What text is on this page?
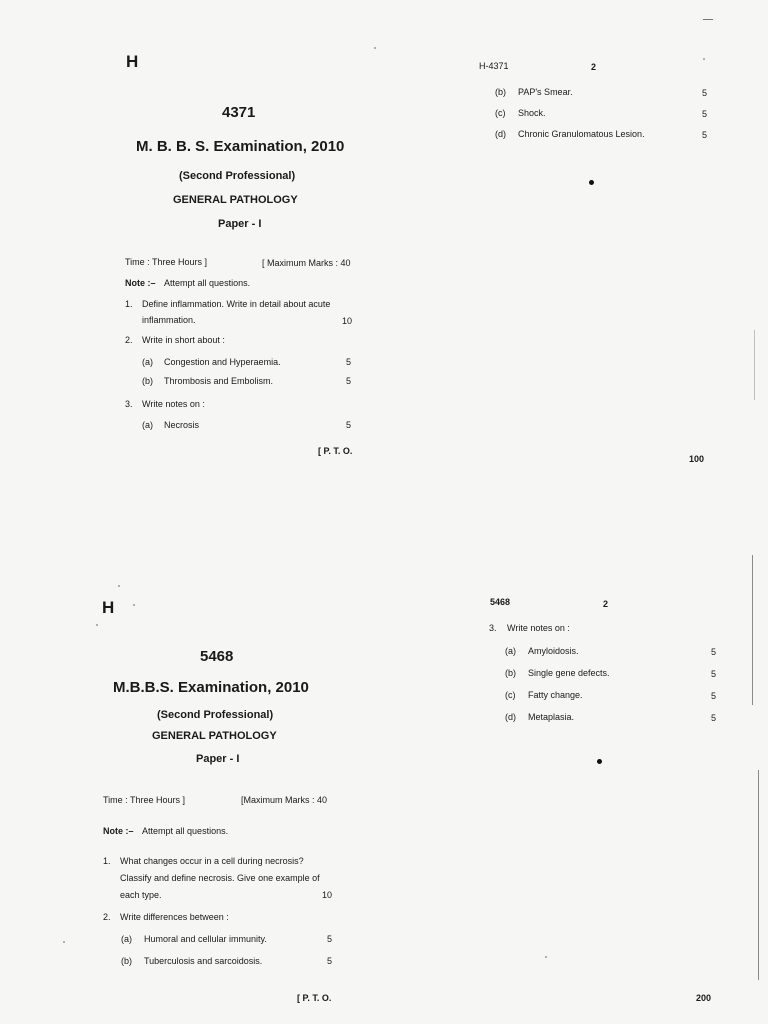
H
4371
M. B. B. S. Examination, 2010
(Second Professional)
GENERAL PATHOLOGY
Paper - I
Time : Three Hours ]	[ Maximum Marks : 40
Note :– Attempt all questions.
1. Define inflammation. Write in detail about acute
inflammation.	10
2. Write in short about :
(a) Congestion and Hyperaemia.	5
(b) Thrombosis and Embolism.	5
3. Write notes on :
(a) Necrosis	5
[ P. T. O.
H-4371	2
(b) PAP's Smear.	5
(c) Shock.	5
(d) Chronic Granulomatous Lesion.	5
100
H
5468
M.B.B.S. Examination, 2010
(Second Professional)
GENERAL PATHOLOGY
Paper - I
Time : Three Hours ]	[Maximum Marks : 40
Note :– Attempt all questions.
1. What changes occur in a cell during necrosis?
Classify and define necrosis. Give one example of
each type.	10
2. Write differences between :
(a) Humoral and cellular immunity.	5
(b) Tuberculosis and sarcoidosis.	5
[ P. T. O.
5468	2
3. Write notes on :
(a) Amyloidosis.	5
(b) Single gene defects.	5
(c) Fatty change.	5
(d) Metaplasia.	5
200
